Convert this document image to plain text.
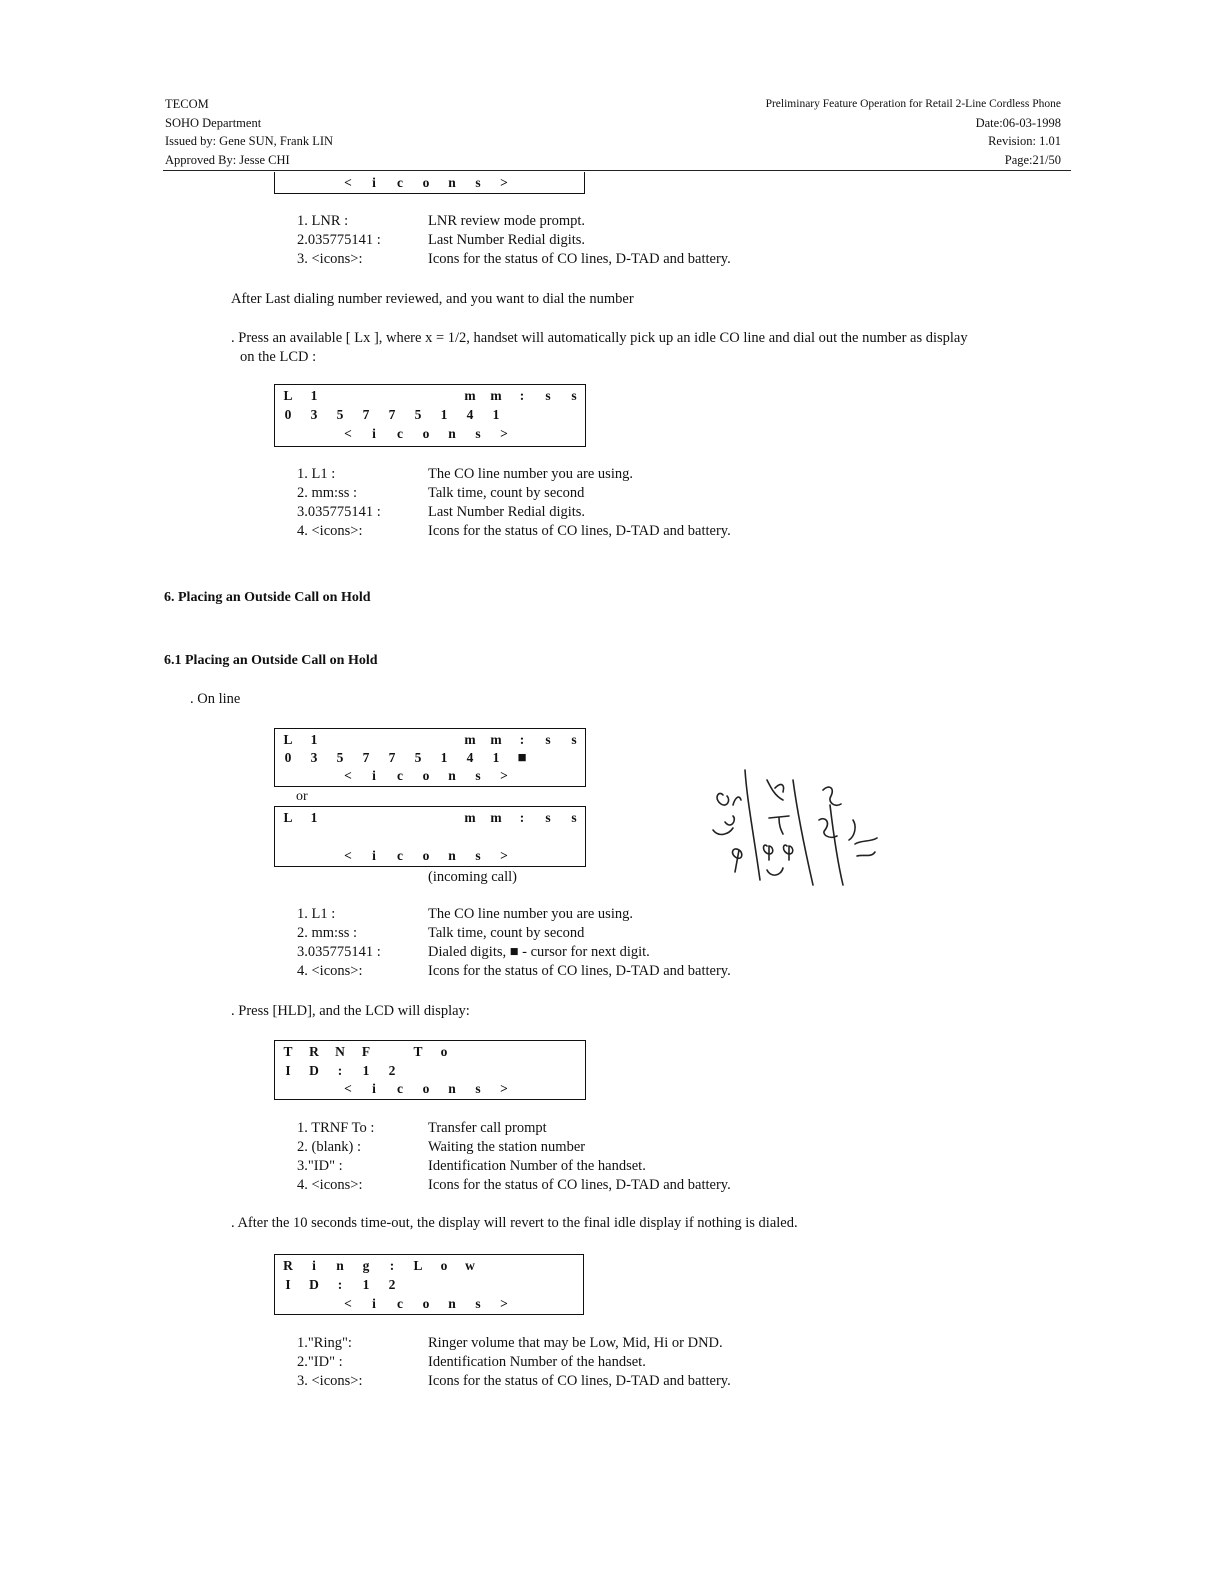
TECOM
SOHO Department
Issued by: Gene SUN, Frank LIN
Approved By: Jesse CHI
Preliminary Feature Operation for Retail 2-Line Cordless Phone
Date:06-03-1998
Revision: 1.01
Page:21/50
<	i	c	o	n	s	>
1. LNR :	LNR review mode prompt.
2.035775141 :	Last Number Redial digits.
3. <icons>:	Icons for the status of CO lines, D-TAD and battery.
After Last dialing number reviewed, and you want to dial the number
. Press an available [ Lx ], where x = 1/2, handset will automatically pick up an idle CO line and dial out the number as display
on the LCD :
L	1	m	m	:	s	s
0	3	5	7	7	5	1	4	1
<	i	c	o	n	s	>
1. L1 :	The CO line number you are using.
2. mm:ss :	Talk time, count by second
3.035775141 :	Last Number Redial digits.
4. <icons>:	Icons for the status of CO lines, D-TAD and battery.
6. Placing an Outside Call on Hold
6.1 Placing an Outside Call on Hold
. On line
L	1	m	m	:	s	s
0	3	5	7	7	5	1	4	1	■
<	i	c	o	n	s	>
or
L	1	m	m	:	s	s
<	i	c	o	n	s	>
(incoming call)
1. L1 :	The CO line number you are using.
2. mm:ss :	Talk time, count by second
3.035775141 :	Dialed digits, ■ - cursor for next digit.
4. <icons>:	Icons for the status of CO lines, D-TAD and battery.
. Press [HLD], and the LCD will display:
T	R	N	F	T	o
I	D	:	1	2
<	i	c	o	n	s	>
1. TRNF To :	Transfer call prompt
2. (blank) :	Waiting the station number
3."ID" :	Identification Number of the handset.
4. <icons>:	Icons for the status of CO lines, D-TAD and battery.
. After the 10 seconds time-out, the display will revert to the final idle display if nothing is dialed.
R	i	n	g	:	L	o	w
I	D	:	1	2
<	i	c	o	n	s	>
1."Ring":	Ringer volume that may be Low, Mid, Hi or DND.
2."ID" :	Identification Number of the handset.
3. <icons>:	Icons for the status of CO lines, D-TAD and battery.
